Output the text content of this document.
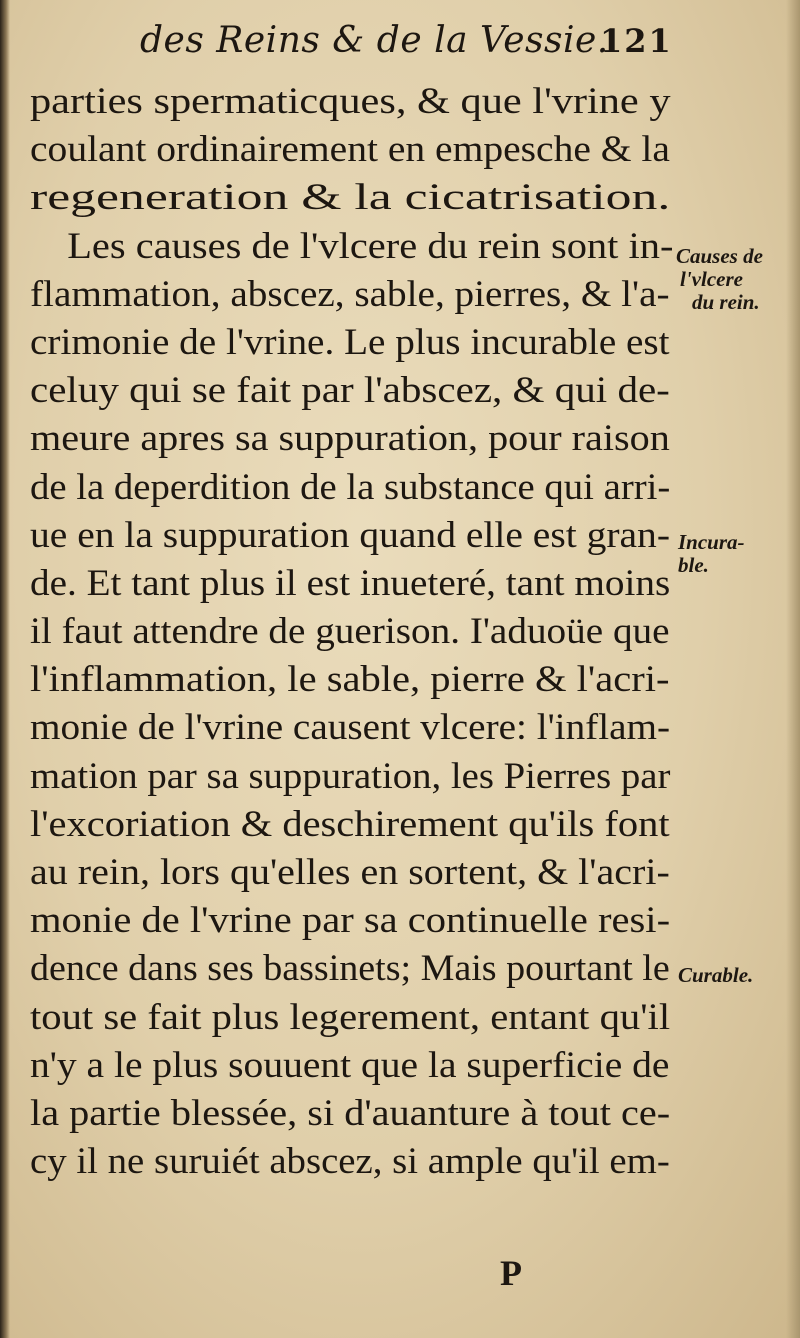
des Reins & de la Vessie.
121
parties spermaticques, & que l'vrine y
coulant ordinairement en empesche & la
regeneration & la cicatrisation.
Les causes de l'vlcere du rein sont in-
flammation, abscez, sable, pierres, & l'a-
crimonie de l'vrine. Le plus incurable est
celuy qui se fait par l'abscez, & qui de-
meure apres sa suppuration, pour raison
de la deperdition de la substance qui arri-
ue en la suppuration quand elle est gran-
de. Et tant plus il est inueteré, tant moins
il faut attendre de guerison. I'aduoüe que
l'inflammation, le sable, pierre & l'acri-
monie de l'vrine causent vlcere: l'inflam-
mation par sa suppuration, les Pierres par
l'excoriation & deschirement qu'ils font
au rein, lors qu'elles en sortent, & l'acri-
monie de l'vrine par sa continuelle resi-
dence dans ses bassinets; Mais pourtant le
tout se fait plus legerement, entant qu'il
n'y a le plus souuent que la superficie de
la partie blessée, si d'auanture à tout ce-
cy il ne suruiét abscez, si ample qu'il em-
Causes de
l'vlcere
du rein.
Incura-
ble.
Curable.
P
